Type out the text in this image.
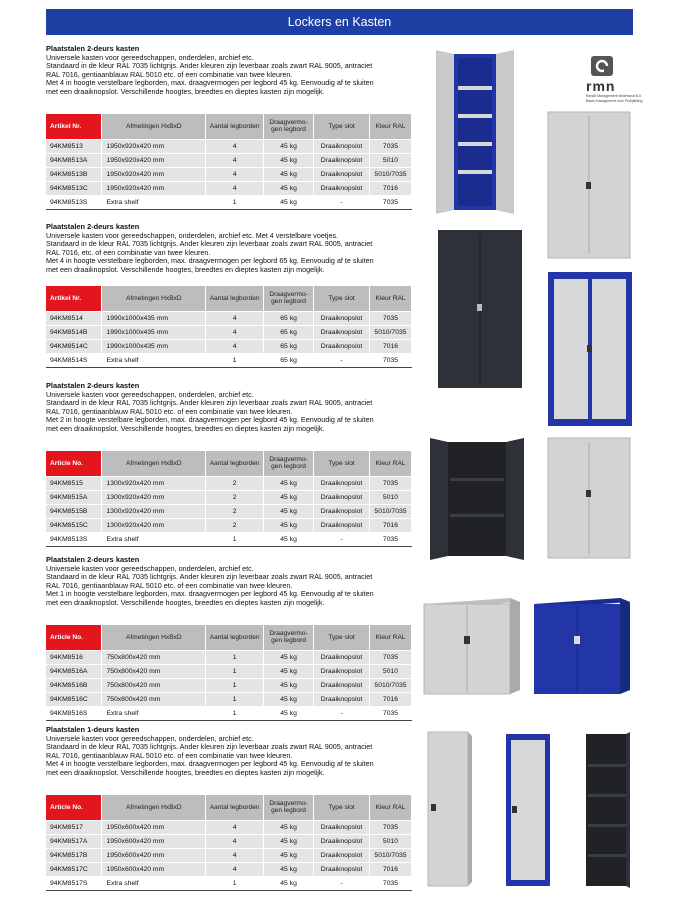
Lockers en Kasten
rmn
Randit Management Nederland B.V.
Basis management voor Profijtsliling
Plaatstalen 2-deurs kasten
Universele kasten voor gereedschappen, onderdelen, archief etc.
Standaard in de kleur RAL 7035 lichtgrijs. Ander kleuren zijn leverbaar zoals zwart RAL 9005, antraciet
RAL 7016, gentiaanblauw RAL 5010 etc. of een combinatie van twee kleuren.
Met 4 in hoogte verstelbare legborden, max. draagvermogen per legbord 45 kg. Eenvoudig af te sluiten
met een draaiknopslot. Verschillende hoogtes, breedtes en dieptes kasten zijn mogelijk.
Artikel Nr.	Afmetingen HxBxD	Aantal legborden	Draagvermo-gen legbord	Type slot	Kleur RAL
94KM8513	1950x920x420 mm	4	45 kg	Draaiknopslot	7035
94KM8513A	1950x920x420 mm	4	45 kg	Draaiknopslot	5010
94KM8513B	1950x920x420 mm	4	45 kg	Draaiknopslot	5010/7035
94KM8513C	1950x920x420 mm	4	45 kg	Draaiknopslot	7016
94KM8513S	Extra shelf	1	45 kg	-	7035
Plaatstalen 2-deurs kasten
Universele kasten voor gereedschappen, onderdelen, archief etc. Met 4 verstelbare voetjes.
Standaard in de kleur RAL 7035 lichtgrijs. Ander kleuren zijn leverbaar zoals zwart RAL 9005, antraciet
RAL 7016, etc. of een combinatie van twee kleuren.
Met 4 in hoogte verstelbare legborden, max. draagvermogen per legbord 65 kg. Eenvoudig af te sluiten
met een draaiknopslot. Verschillende hoogtes, breedtes en dieptes kasten zijn mogelijk.
Artikel Nr.	Afmetingen HxBxD	Aantal legborden	Draagvermo-gen legbord	Type slot	Kleur RAL
94KM8514	1990x1000x435 mm	4	65 kg	Draaiknopslot	7035
94KM8514B	1990x1000x435 mm	4	65 kg	Draaiknopslot	5010/7035
94KM8514C	1990x1000x435 mm	4	65 kg	Draaiknopslot	7016
94KM8514S	Extra shelf	1	65 kg	-	7035
Plaatstalen 2-deurs kasten
Universele kasten voor gereedschappen, onderdelen, archief etc.
Standaard in de kleur RAL 7035 lichtgrijs. Ander kleuren zijn leverbaar zoals zwart RAL 9005, antraciet
RAL 7016, gentiaanblauw RAL 5010 etc. of een combinatie van twee kleuren.
Met 2 in hoogte verstelbare legborden, max. draagvermogen per legbord 45 kg. Eenvoudig af te sluiten
met een draaiknopslot. Verschillende hoogtes, breedtes en dieptes kasten zijn mogelijk.
Article No.	Afmetingen HxBxD	Aantal legborden	Draagvermo-gen legbord	Type slot	Kleur RAL
94KM8515	1300x920x420 mm	2	45 kg	Draaiknopslot	7035
94KM8515A	1300x920x420 mm	2	45 kg	Draaiknopslot	5010
94KM8515B	1300x920x420 mm	2	45 kg	Draaiknopslot	5010/7035
94KM8515C	1300x920x420 mm	2	45 kg	Draaiknopslot	7016
94KM8513S	Extra shelf	1	45 kg	-	7035
Plaatstalen 2-deurs kasten
Universele kasten voor gereedschappen, onderdelen, archief etc.
Standaard in de kleur RAL 7035 lichtgrijs. Ander kleuren zijn leverbaar zoals zwart RAL 9005, antraciet
RAL 7016, gentiaanblauw RAL 5010 etc. of een combinatie van twee kleuren.
Met 1 in hoogte verstelbare legborden, max. draagvermogen per legbord 45 kg. Eenvoudig af te sluiten
met een draaiknopslot. Verschillende hoogtes, breedtes en dieptes kasten zijn mogelijk.
Article No.	Afmetingen HxBxD	Aantal legborden	Draagvermo-gen legbord	Type slot	Kleur RAL
94KM8516	750x800x420 mm	1	45 kg	Draaiknopslot	7035
94KM8516A	750x800x420 mm	1	45 kg	Draaiknopslot	5010
94KM8516B	750x800x420 mm	1	45 kg	Draaiknopslot	5010/7035
94KM8516C	750x800x420 mm	1	45 kg	Draaiknopslot	7016
94KM8516S	Extra shelf	1	45 kg	-	7035
Plaatstalen 1-deurs kasten
Universele kasten voor gereedschappen, onderdelen, archief etc.
Standaard in de kleur RAL 7035 lichtgrijs. Ander kleuren zijn leverbaar zoals zwart RAL 9005, antraciet
RAL 7016, gentiaanblauw RAL 5010 etc. of een combinatie van twee kleuren.
Met 4 in hoogte verstelbare legborden, max. draagvermogen per legbord 45 kg. Eenvoudig af te sluiten
met een draaiknopslot. Verschillende hoogtes, breedtes en dieptes kasten zijn mogelijk.
Article No.	Afmetingen HxBxD	Aantal legborden	Draagvermo-gen legbord	Type slot	Kleur RAL
94KM8517	1950x600x420 mm	4	45 kg	Draaiknopslot	7035
94KM8517A	1950x600x420 mm	4	45 kg	Draaiknopslot	5010
94KM8517B	1950x600x420 mm	4	45 kg	Draaiknopslot	5010/7035
94KM8517C	1950x600x420 mm	4	45 kg	Draaiknopslot	7016
94KM8517S	Extra shelf	1	45 kg	-	7035
